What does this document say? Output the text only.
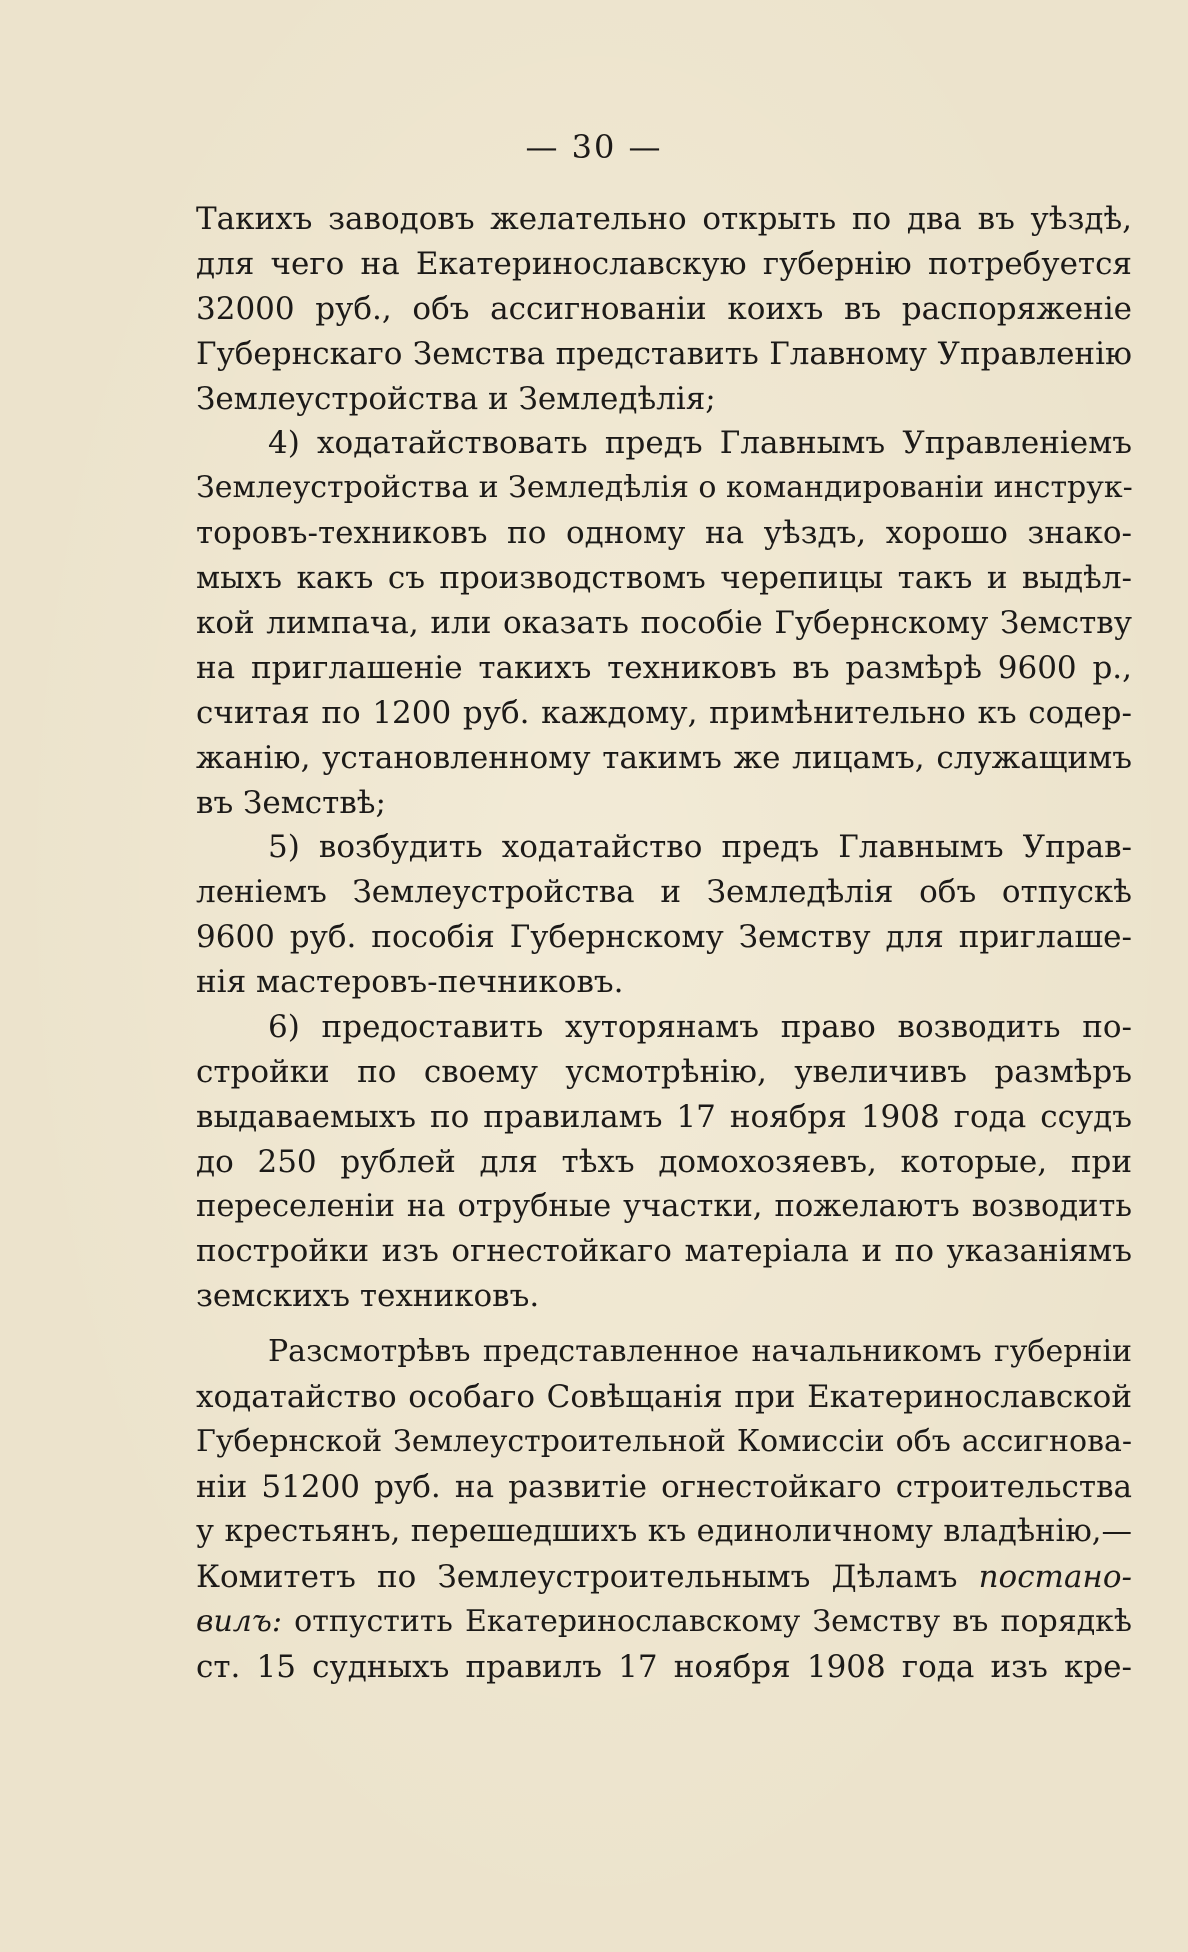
— 30 —
Такихъ заводовъ желательно открыть по два въ уѣздѣ,
для чего на Екатеринославскую губернію потребуется
32000 руб., объ ассигнованіи коихъ въ распоряженіе
Губернскаго Земства представить Главному Управленію
Землеустройства и Земледѣлія;
4) ходатайствовать предъ Главнымъ Управленіемъ
Землеустройства и Земледѣлія о командированіи инструк-
торовъ-техниковъ по одному на уѣздъ, хорошо знако-
мыхъ какъ съ производствомъ черепицы такъ и выдѣл-
кой лимпача, или оказать пособіе Губернскому Земству
на приглашеніе такихъ техниковъ въ размѣрѣ 9600 р.,
считая по 1200 руб. каждому, примѣнительно къ содер-
жанію, установленному такимъ же лицамъ, служащимъ
въ Земствѣ;
5) возбудить ходатайство предъ Главнымъ Управ-
леніемъ Землеустройства и Земледѣлія объ отпускѣ
9600 руб. пособія Губернскому Земству для приглаше-
нія мастеровъ-печниковъ.
6) предоставить хуторянамъ право возводить по-
стройки по своему усмотрѣнію, увеличивъ размѣръ
выдаваемыхъ по правиламъ 17 ноября 1908 года ссудъ
до 250 рублей для тѣхъ домохозяевъ, которые, при
переселеніи на отрубные участки, пожелаютъ возводить
постройки изъ огнестойкаго матеріала и по указаніямъ
земскихъ техниковъ.
Разсмотрѣвъ представленное начальникомъ губерніи
ходатайство особаго Совѣщанія при Екатеринославской
Губернской Землеустроительной Комиссіи объ ассигнова-
ніи 51200 руб. на развитіе огнестойкаго строительства
у крестьянъ, перешедшихъ къ единоличному владѣнію,—
Комитетъ по Землеустроительнымъ Дѣламъ постано-
вилъ: отпустить Екатеринославскому Земству въ порядкѣ
ст. 15 судныхъ правилъ 17 ноября 1908 года изъ кре-
